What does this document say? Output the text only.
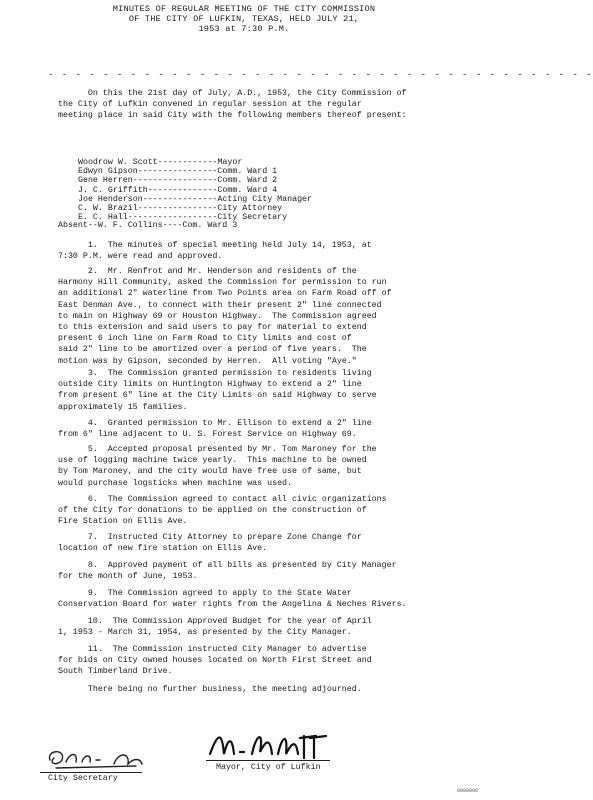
MINUTES OF REGULAR MEETING OF THE CITY COMMISSION
OF THE CITY OF LUFKIN, TEXAS, HELD JULY 21,
1953 at 7:30 P.M.
- - - - - - - - - - - - - - - - - - - - - - - - - - - - - - - - - - - - - - - -
On this the 21st day of July, A.D., 1953, the City Commission of
the City of Lufkin convened in regular session at the regular
meeting place in said City with the following members thereof present:
Woodrow W. Scott------------Mayor
Edwyn Gipson----------------Comm. Ward 1
Gene Herren-----------------Comm. Ward 2
J. C. Griffith--------------Comm. Ward 4
Joe Henderson---------------Acting City Manager
C. W. Brazil----------------City Attorney
E. C. Hall------------------City Secretary
Absent--W. F. Collins----Com. Ward 3
1.  The minutes of special meeting held July 14, 1953, at
7:30 P.M. were read and approved.
2.  Mr. Renfrot and Mr. Henderson and residents of the
Harmony Hill Community, asked the Commission for permission to run
an additional 2" waterline from Two Points area on Farm Road off of
East Denman Ave., to connect with their present 2" line connected
to main on Highway 69 or Houston Highway.  The Commission agreed
to this extension and said users to pay for material to extend
present 6 inch line on Farm Road to City limits and cost of
said 2" line to be amortized over a period of five years.  The
motion was by Gipson, seconded by Herren.  All voting "Aye."
3.  The Commission granted permission to residents living
outside City limits on Huntington Highway to extend a 2" line
from present 6" line at the City Limits on said Highway to serve
approximately 15 families.
4.  Granted permission to Mr. Ellison to extend a 2" line
from 6" line adjacent to U. S. Forest Service on Highway 69.
5.  Accepted proposal presented by Mr. Tom Maroney for the
use of logging machine twice yearly.  This machine to be owned
by Tom Maroney, and the city would have free use of same, but
would purchase logsticks when machine was used.
6.  The Commission agreed to contact all civic organizations
of the City for donations to be applied on the construction of
Fire Station on Ellis Ave.
7.  Instructed City Attorney to prepare Zone Change for
location of new fire station on Ellis Ave.
8.  Approved payment of all bills as presented by City Manager
for the month of June, 1953.
9.  The Commission agreed to apply to the State Water
Conservation Board for water rights from the Angelina & Neches Rivers.
10.  The Commission Approved Budget for the year of April
1, 1953 - March 31, 1954, as presented by the City Manager.
11.  The Commission instructed City Manager to advertise
for bids on City owned houses located on North First Street and
South Timberland Drive.
There being no further business, the meeting adjourned.
Mayor, City of Lufkin
City Secretary
0000000
